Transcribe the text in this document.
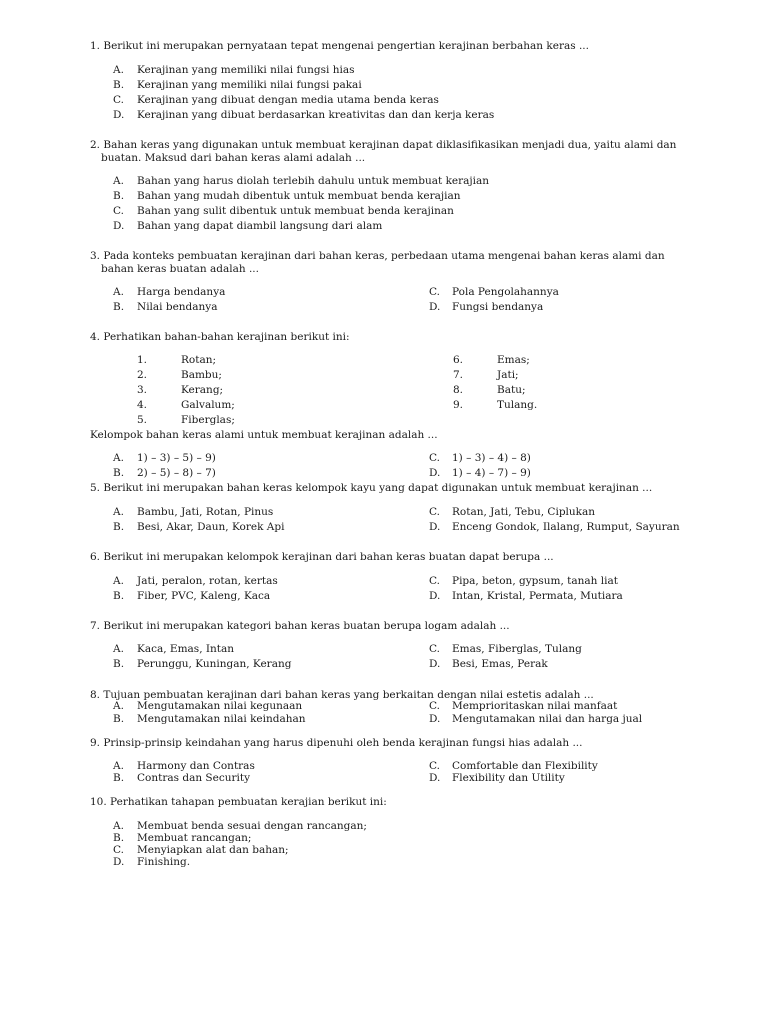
1. Berikut ini merupakan pernyataan tepat mengenai pengertian kerajinan berbahan keras ...
A. Kerajinan yang memiliki nilai fungsi hias
B. Kerajinan yang memiliki nilai fungsi pakai
C. Kerajinan yang dibuat dengan media utama benda keras
D. Kerajinan yang dibuat berdasarkan kreativitas dan dan kerja keras
2. Bahan keras yang digunakan untuk membuat kerajinan dapat diklasifikasikan menjadi dua, yaitu alami dan
buatan. Maksud dari bahan keras alami adalah ...
A. Bahan yang harus diolah terlebih dahulu untuk membuat kerajian
B. Bahan yang mudah dibentuk untuk membuat benda kerajian
C. Bahan yang sulit dibentuk untuk membuat benda kerajinan
D. Bahan yang dapat diambil langsung dari alam
3. Pada konteks pembuatan kerajinan dari bahan keras, perbedaan utama mengenai bahan keras alami dan
bahan keras buatan adalah ...
A. Harga bendanya
B. Nilai bendanya
C. Pola Pengolahannya
D. Fungsi bendanya
4. Perhatikan bahan-bahan kerajinan berikut ini:
1.	Rotan;
2.	Bambu;
3.	Kerang;
4.	Galvalum;
5.	Fiberglas;
6.	Emas;
7.	Jati;
8.	Batu;
9.	Tulang.
Kelompok bahan keras alami untuk membuat kerajinan adalah ...
A. 1) – 3) – 5) – 9)
B. 2) – 5) – 8) – 7)
C. 1) – 3) – 4) – 8)
D. 1) – 4) – 7) – 9)
5. Berikut ini merupakan bahan keras kelompok kayu yang dapat digunakan untuk membuat kerajinan ...
A. Bambu, Jati, Rotan, Pinus
B. Besi, Akar, Daun, Korek Api
C. Rotan, Jati, Tebu, Ciplukan
D. Enceng Gondok, Ilalang, Rumput, Sayuran
6. Berikut ini merupakan kelompok kerajinan dari bahan keras buatan dapat berupa ...
A. Jati, peralon, rotan, kertas
B. Fiber, PVC, Kaleng, Kaca
C. Pipa, beton, gypsum, tanah liat
D. Intan, Kristal, Permata, Mutiara
7. Berikut ini merupakan kategori bahan keras buatan berupa logam adalah ...
A. Kaca, Emas, Intan
B. Perunggu, Kuningan, Kerang
C. Emas, Fiberglas, Tulang
D. Besi, Emas, Perak
8. Tujuan pembuatan kerajinan dari bahan keras yang berkaitan dengan nilai estetis adalah ...
A. Mengutamakan nilai kegunaan
B. Mengutamakan nilai keindahan
C. Memprioritaskan nilai manfaat
D. Mengutamakan nilai dan harga jual
9. Prinsip-prinsip keindahan yang harus dipenuhi oleh benda kerajinan fungsi hias adalah ...
A. Harmony dan Contras
B. Contras dan Security
C. Comfortable dan Flexibility
D. Flexibility dan Utility
10. Perhatikan tahapan pembuatan kerajian berikut ini:
A. Membuat benda sesuai dengan rancangan;
B. Membuat rancangan;
C. Menyiapkan alat dan bahan;
D. Finishing.
